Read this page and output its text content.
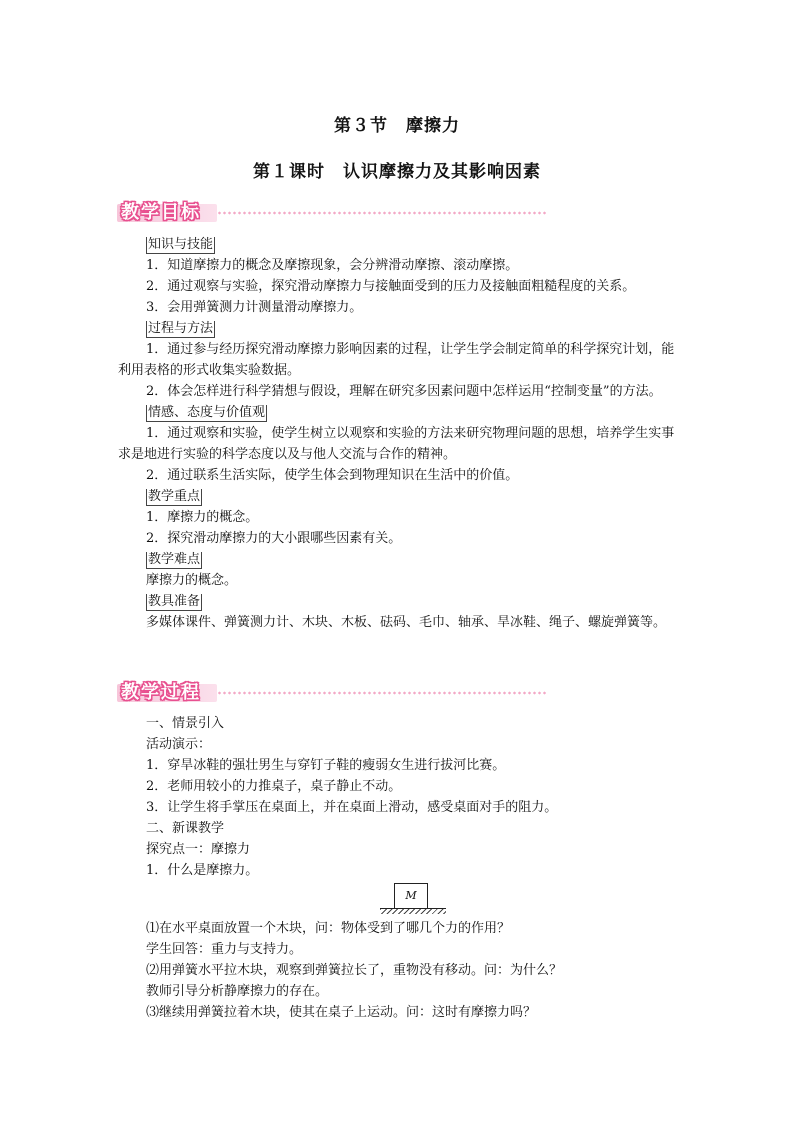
第３节　摩擦力
第１课时　认识摩擦力及其影响因素
教学目标

知识与技能

1．知道摩擦力的概念及摩擦现象，会分辨滑动摩擦、滚动摩擦。

2．通过观察与实验，探究滑动摩擦力与接触面受到的压力及接触面粗糙程度的关系。

3．会用弹簧测力计测量滑动摩擦力。

过程与方法

1．通过参与经历探究滑动摩擦力影响因素的过程，让学生学会制定简单的科学探究计划，能利用表格的形式收集实验数据。

2．体会怎样进行科学猜想与假设，理解在研究多因素问题中怎样运用“控制变量”的方法。

情感、态度与价值观

1．通过观察和实验，使学生树立以观察和实验的方法来研究物理问题的思想，培养学生实事求是地进行实验的科学态度以及与他人交流与合作的精神。

2．通过联系生活实际，使学生体会到物理知识在生活中的价值。

教学重点

1．摩擦力的概念。

2．探究滑动摩擦力的大小跟哪些因素有关。

教学难点

摩擦力的概念。

教具准备

多媒体课件、弹簧测力计、木块、木板、砝码、毛巾、轴承、旱冰鞋、绳子、螺旋弹簧等。

教学过程

一、情景引入

活动演示：

1．穿旱冰鞋的强壮男生与穿钉子鞋的瘦弱女生进行拔河比赛。

2．老师用较小的力推桌子，桌子静止不动。

3．让学生将手掌压在桌面上，并在桌面上滑动，感受桌面对手的阻力。

二、新课教学

探究点一：摩擦力

1．什么是摩擦力。

M

⑴在水平桌面放置一个木块，问：物体受到了哪几个力的作用？

学生回答：重力与支持力。

⑵用弹簧水平拉木块，观察到弹簧拉长了，重物没有移动。问：为什么？

教师引导分析静摩擦力的存在。

⑶继续用弹簧拉着木块，使其在桌子上运动。问：这时有摩擦力吗？
